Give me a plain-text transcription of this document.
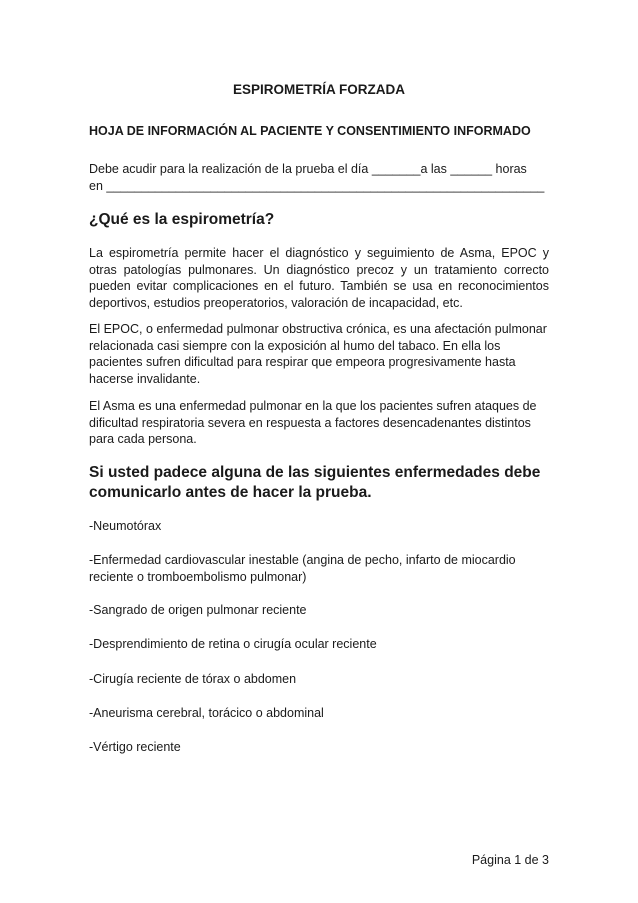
ESPIROMETRÍA FORZADA

HOJA DE INFORMACIÓN AL PACIENTE Y CONSENTIMIENTO INFORMADO

Debe acudir para la realización de la prueba el día _______a las ______ horas
en _______________________________________________________________

¿Qué es la espirometría?

La espirometría permite hacer el diagnóstico y seguimiento de Asma, EPOC y otras patologías pulmonares. Un diagnóstico precoz y un tratamiento correcto pueden evitar complicaciones en el futuro. También se usa en reconocimientos deportivos, estudios preoperatorios, valoración de incapacidad, etc.

El EPOC, o enfermedad pulmonar obstructiva crónica, es una afectación pulmonar relacionada casi siempre con la exposición al humo del tabaco. En ella los pacientes sufren dificultad para respirar que empeora progresivamente hasta hacerse invalidante.

El Asma es una enfermedad pulmonar en la que los pacientes sufren ataques de dificultad respiratoria severa en respuesta a factores desencadenantes distintos para cada persona.

Si usted padece alguna de las siguientes enfermedades debe comunicarlo antes de hacer la prueba.

-Neumotórax

-Enfermedad cardiovascular inestable (angina de pecho, infarto de miocardio reciente o tromboembolismo pulmonar)

-Sangrado de origen pulmonar reciente

-Desprendimiento de retina o cirugía ocular reciente

-Cirugía reciente de tórax o abdomen

-Aneurisma cerebral, torácico o abdominal

-Vértigo reciente

Página 1 de 3
